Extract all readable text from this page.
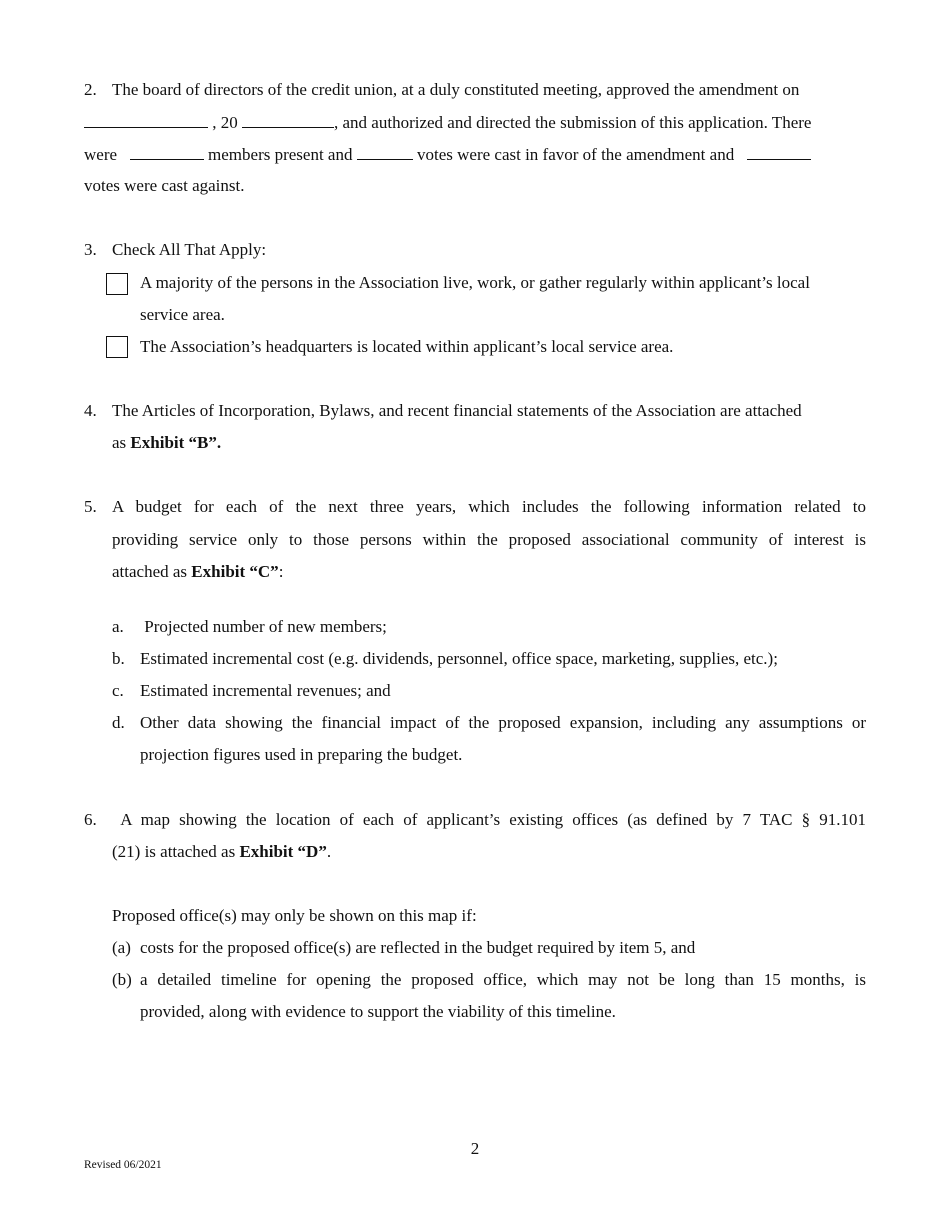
2. The board of directors of the credit union, at a duly constituted meeting, approved the amendment on
, 20	, and authorized and directed the submission of this application. There
were	members present and	votes were cast in favor of the amendment and
votes were cast against.
3. Check All That Apply:
A majority of the persons in the Association live, work, or gather regularly within applicant’s local
service area.
The Association’s headquarters is located within applicant’s local service area.
4. The Articles of Incorporation, Bylaws, and recent financial statements of the Association are attached
as Exhibit “B”.
5. A budget for each of the next three years, which includes the following information related to
providing service only to those persons within the proposed associational community of interest is
attached as Exhibit “C”:
a. Projected number of new members;
b. Estimated incremental cost (e.g. dividends, personnel, office space, marketing, supplies, etc.);
c. Estimated incremental revenues; and
d. Other data showing the financial impact of the proposed expansion, including any assumptions or
projection figures used in preparing the budget.
6. A map showing the location of each of applicant’s existing offices (as defined by 7 TAC § 91.101
(21) is attached as Exhibit “D”.
Proposed office(s) may only be shown on this map if:
(a) costs for the proposed office(s) are reflected in the budget required by item 5, and
(b) a detailed timeline for opening the proposed office, which may not be long than 15 months, is
provided, along with evidence to support the viability of this timeline.
2
Revised 06/2021
